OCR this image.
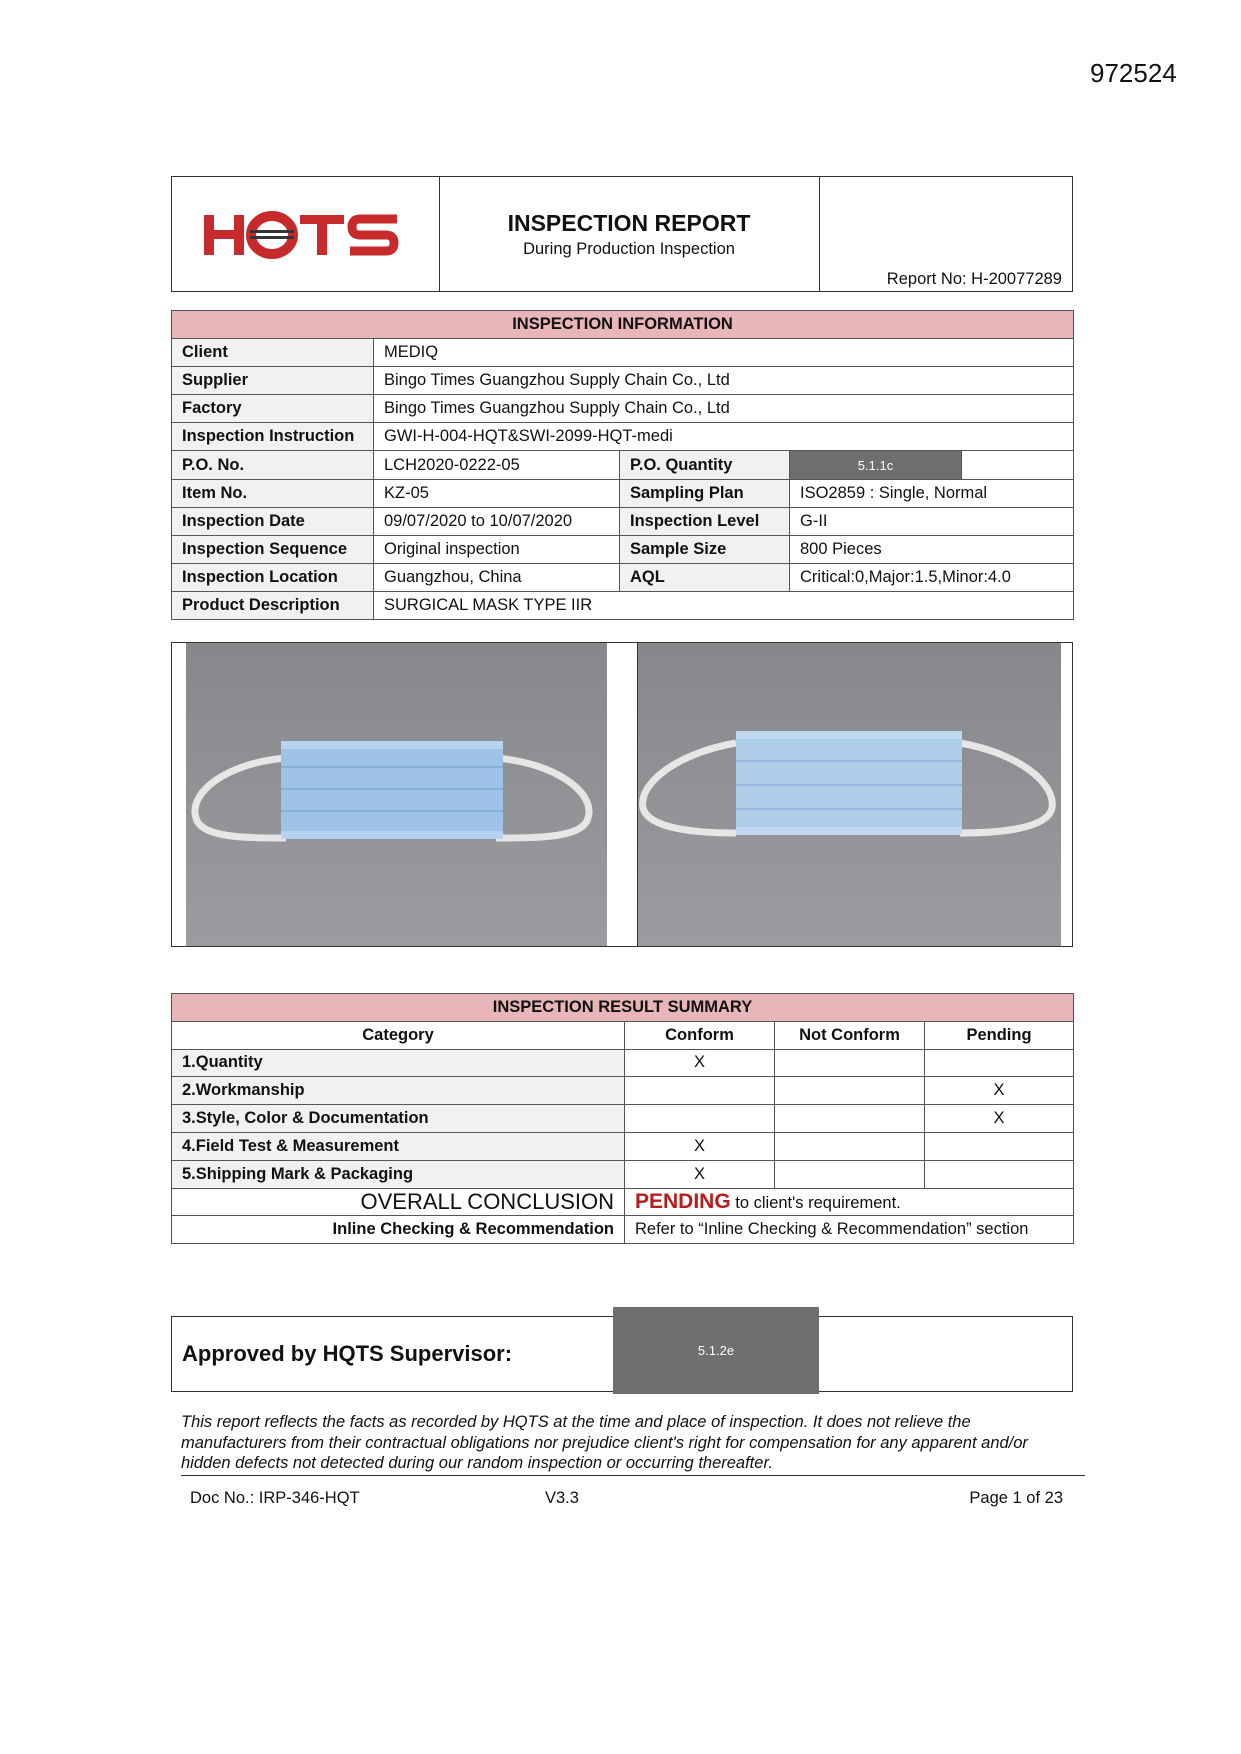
972524
HQTS
INSPECTION REPORT
During Production Inspection
Report No: H-20077289
INSPECTION INFORMATION				
Client	MEDIQ			
Supplier	Bingo Times Guangzhou Supply Chain Co., Ltd			
Factory	Bingo Times Guangzhou Supply Chain Co., Ltd			
Inspection Instruction	GWI-H-004-HQT&SWI-2099-HQT-medi			
P.O. No.	LCH2020-0222-05	P.O. Quantity	5.1.1c	
Item No.	KZ-05	Sampling Plan	ISO2859 : Single, Normal	
Inspection Date	09/07/2020 to 10/07/2020	Inspection Level	G-II	
Inspection Sequence	Original inspection	Sample Size	800 Pieces	
Inspection Location	Guangzhou, China	AQL	Critical:0,Major:1.5,Minor:4.0	
Product Description	SURGICAL MASK TYPE IIR			
INSPECTION RESULT SUMMARY			
Category	Conform	Not Conform	Pending
1.Quantity	X		
2.Workmanship			X
3.Style, Color & Documentation			X
4.Field Test & Measurement	X		
5.Shipping Mark & Packaging	X		
OVERALL CONCLUSION	PENDING to client's requirement.		
Inline Checking & Recommendation	Refer to “Inline Checking & Recommendation” section		
Approved by HQTS Supervisor:	5.1.2e
This report reflects the facts as recorded by HQTS at the time and place of inspection. It does not relieve the manufacturers from their contractual obligations nor prejudice client's right for compensation for any apparent and/or hidden defects not detected during our random inspection or occurring thereafter.
Doc No.: IRP-346-HQT	V3.3	Page 1 of 23
